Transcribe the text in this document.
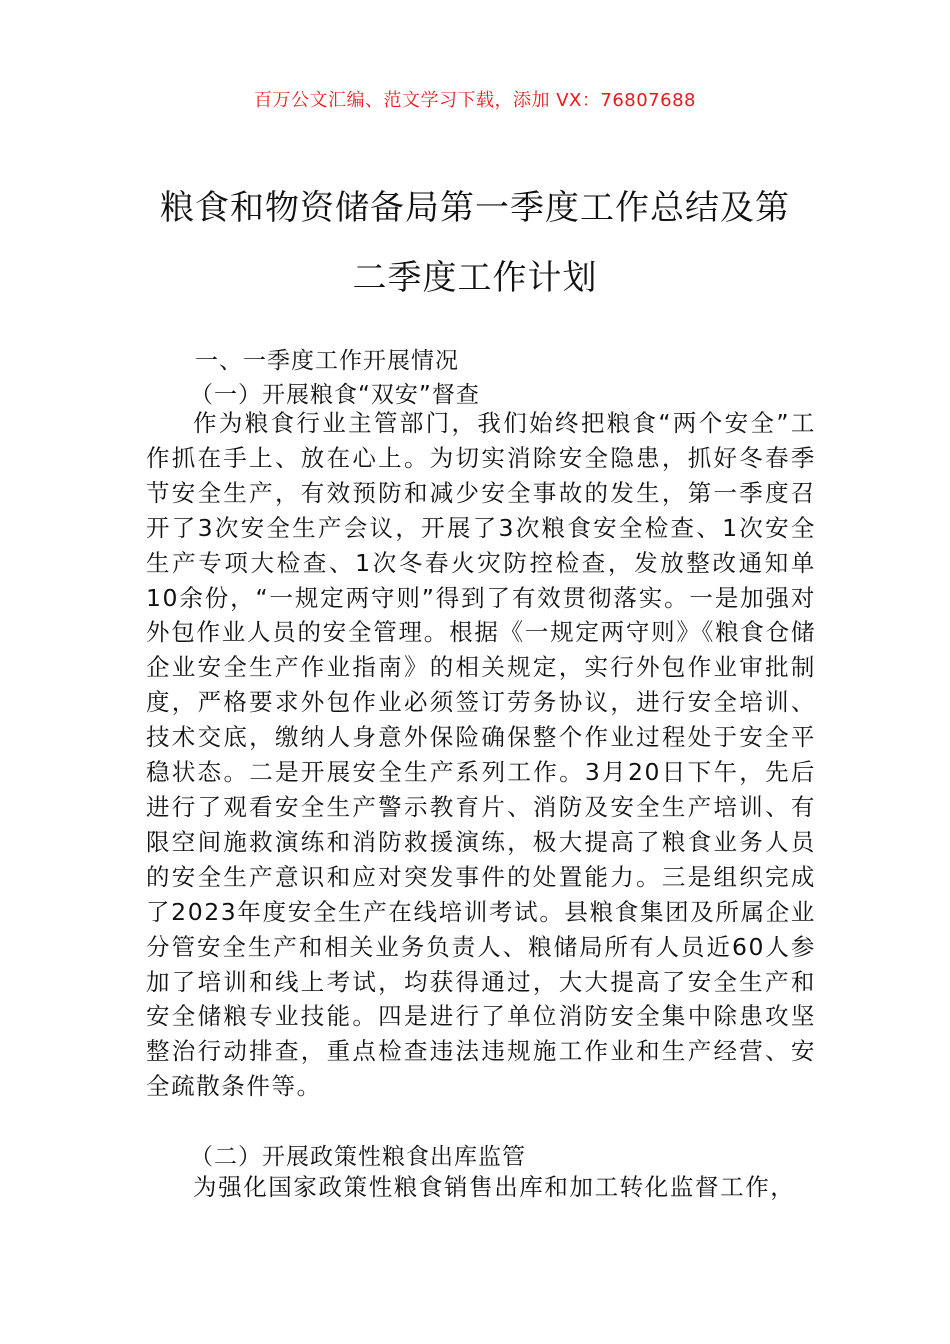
百万公文汇编、范文学习下载，添加 VX：76807688
粮食和物资储备局第一季度工作总结及第
二季度工作计划
一、一季度工作开展情况
（一）开展粮食“双安”督查

作为粮食行业主管部门，我们始终把粮食“两个安全”工作抓在手上、放在心上。为切实消除安全隐患，抓好冬春季节安全生产，有效预防和减少安全事故的发生，第一季度召开了3次安全生产会议，开展了3次粮食安全检查、1次安全生产专项大检查、1次冬春火灾防控检查，发放整改通知单10余份，“一规定两守则”得到了有效贯彻落实。一是加强对外包作业人员的安全管理。根据《一规定两守则》《粮食仓储企业安全生产作业指南》的相关规定，实行外包作业审批制度，严格要求外包作业必须签订劳务协议，进行安全培训、技术交底，缴纳人身意外保险确保整个作业过程处于安全平稳状态。二是开展安全生产系列工作。3月20日下午，先后进行了观看安全生产警示教育片、消防及安全生产培训、有限空间施救演练和消防救援演练，极大提高了粮食业务人员的安全生产意识和应对突发事件的处置能力。三是组织完成了2023年度安全生产在线培训考试。县粮食集团及所属企业分管安全生产和相关业务负责人、粮储局所有人员近60人参加了培训和线上考试，均获得通过，大大提高了安全生产和安全储粮专业技能。四是进行了单位消防安全集中除患攻坚整治行动排查，重点检查违法违规施工作业和生产经营、安全疏散条件等。

（二）开展政策性粮食出库监管

为强化国家政策性粮食销售出库和加工转化监督工作，
